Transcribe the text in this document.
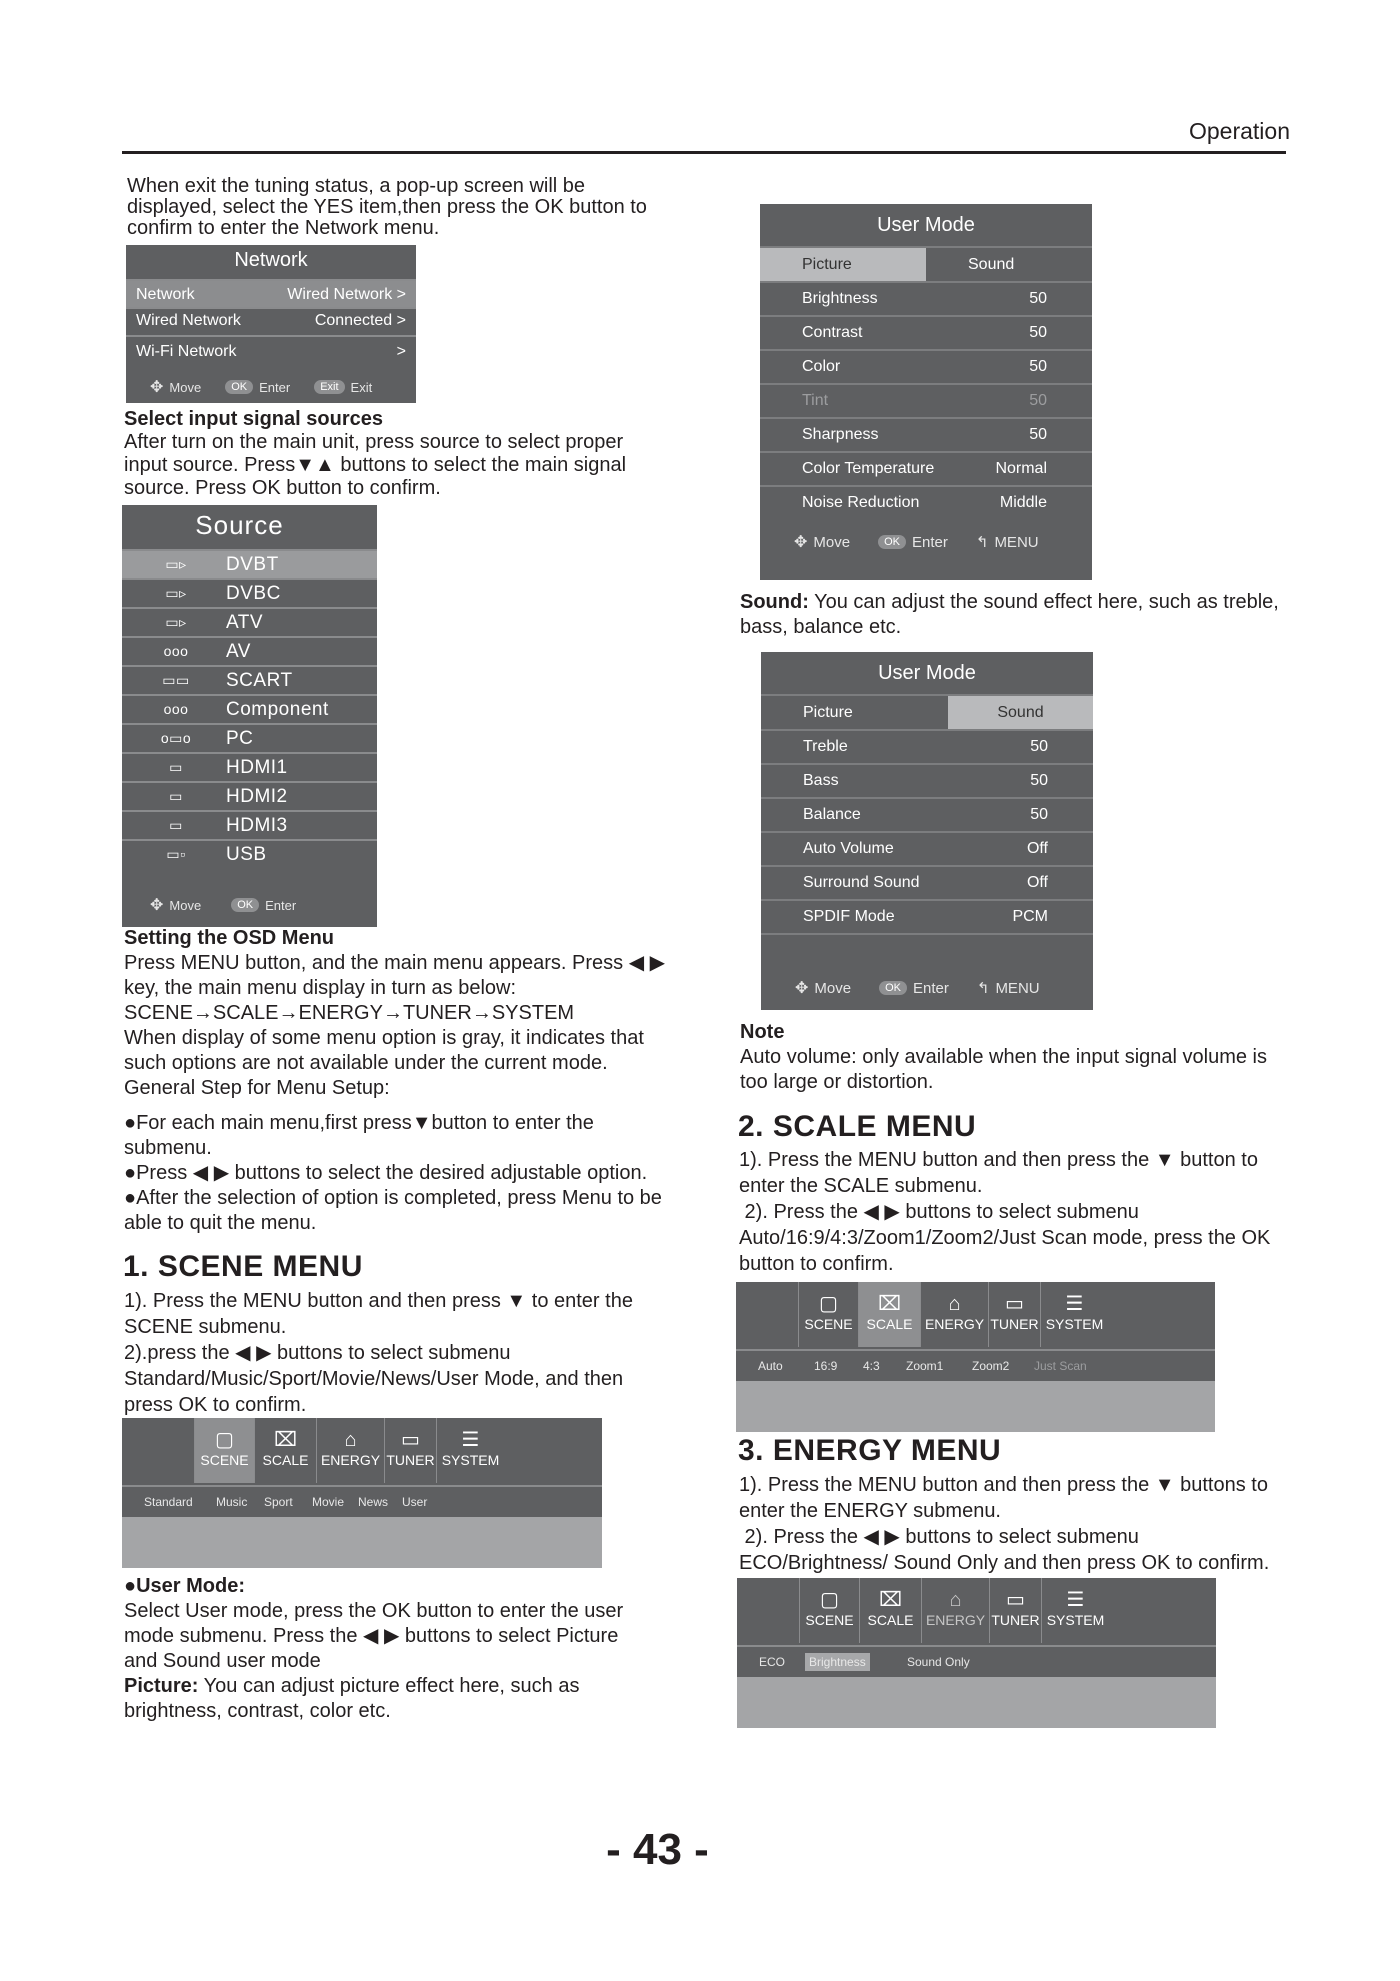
Operation

When exit the tuning status, a pop-up screen will be

displayed, select the YES item,then press the OK button to

confirm to enter the Network menu.

Network
Network	Wired Network >
Wired Network	Connected >
Wi-Fi Network	>
✥ Move	OK Enter	Exit Exit

Select input signal sources

After turn on the main unit, press source to select proper

input source. Press▼▲ buttons to select the main signal

source. Press OK button to confirm.

Source
▭▹	DVBT
▭▹	DVBC
▭▹	ATV
ooo	AV
▭▭	SCART
ooo	Component
o▭o PC
▭	HDMI1
▭	HDMI2
▭	HDMI3
▭▫	USB
✥ Move	OK Enter

Setting the OSD Menu

Press MENU button, and the main menu appears. Press ◀ ▶

key, the main menu display in turn as below:

SCENE→SCALE→ENERGY→TUNER→SYSTEM

When display of some menu option is gray, it indicates that

such options are not available under the current mode.

General Step for Menu Setup:

●For each main menu,first press▼button to enter the

submenu.

●Press ◀ ▶ buttons to select the desired adjustable option.

●After the selection of option is completed, press Menu to be

able to quit the menu.

1. SCENE MENU

1). Press the MENU button and then press ▼ to enter the

SCENE submenu.

2).press the ◀ ▶ buttons to select submenu

Standard/Music/Sport/Movie/News/User Mode, and then

press OK to confirm.

▢
SCENE
⌧
SCALE
⌂
ENERGY
▭
TUNER
☰
SYSTEM
Standard Music Sport Movie News User

●User Mode:

Select User mode, press the OK button to enter the user

mode submenu. Press the ◀ ▶ buttons to select Picture

and Sound user mode

Picture: You can adjust picture effect here, such as

brightness, contrast, color etc.

User Mode
Picture	Sound
Brightness	50
Contrast	50
Color	50
Tint	50
Sharpness	50
Color Temperature	Normal
Noise Reduction	Middle
✥ Move	OK Enter ↰ MENU

Sound: You can adjust the sound effect here, such as treble,

bass, balance etc.

User Mode
Picture	Sound
Treble	50
Bass	50
Balance	50
Auto Volume	Off
Surround Sound	Off
SPDIF Mode	PCM
✥ Move	OK Enter ↰ MENU

Note

Auto volume: only available when the input signal volume is

too large or distortion.

2. SCALE MENU

1). Press the MENU button and then press the ▼ button to

enter the SCALE submenu.

2). Press the ◀ ▶ buttons to select submenu

Auto/16:9/4:3/Zoom1/Zoom2/Just Scan mode, press the OK

button to confirm.

▢
SCENE
⌧
SCALE
⌂
ENERGY
▭
TUNER
☰
SYSTEM
Auto	16:9 4:3 Zoom1 Zoom2 Just Scan
3. ENERGY MENU

1). Press the MENU button and then press the ▼ buttons to

enter the ENERGY submenu.

2). Press the ◀ ▶ buttons to select submenu

ECO/Brightness/ Sound Only and then press OK to confirm.

▢
SCENE
⌧
SCALE
⌂
ENERGY
▭
TUNER
☰
SYSTEM
ECO	Brightness	Sound Only
- 43 -
